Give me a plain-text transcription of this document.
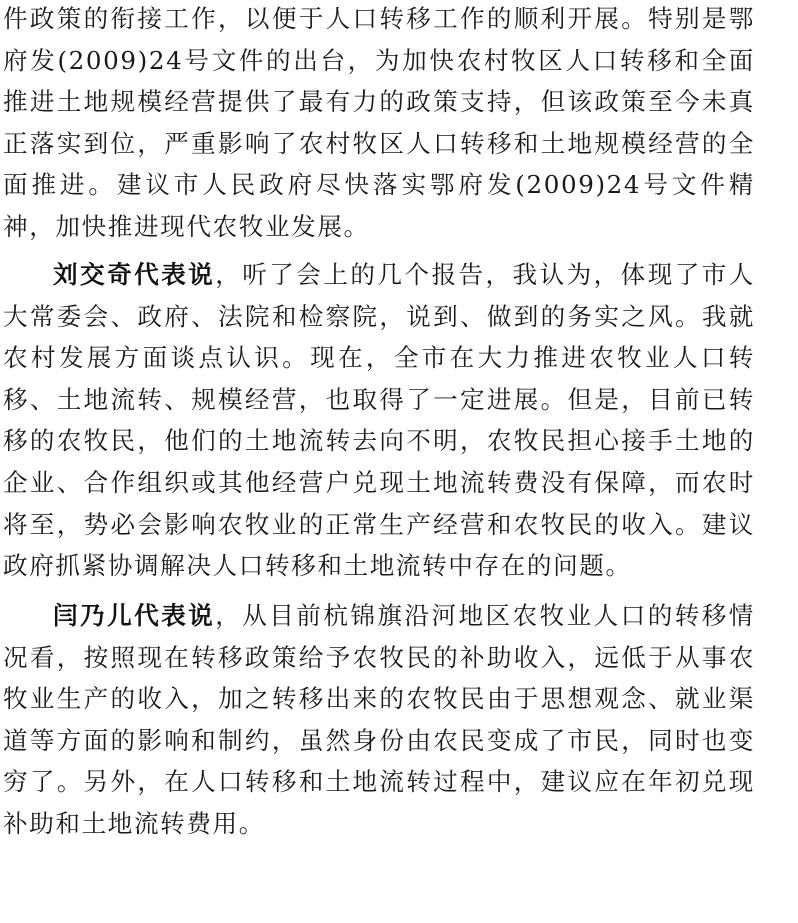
件政策的衔接工作，以便于人口转移工作的顺利开展。特别是鄂府发(2009)24号文件的出台，为加快农村牧区人口转移和全面推进土地规模经营提供了最有力的政策支持，但该政策至今未真正落实到位，严重影响了农村牧区人口转移和土地规模经营的全面推进。建议市人民政府尽快落实鄂府发(2009)24号文件精神，加快推进现代农牧业发展。

刘交奇代表说，听了会上的几个报告，我认为，体现了市人大常委会、政府、法院和检察院，说到、做到的务实之风。我就农村发展方面谈点认识。现在，全市在大力推进农牧业人口转移、土地流转、规模经营，也取得了一定进展。但是，目前已转移的农牧民，他们的土地流转去向不明，农牧民担心接手土地的企业、合作组织或其他经营户兑现土地流转费没有保障，而农时将至，势必会影响农牧业的正常生产经营和农牧民的收入。建议政府抓紧协调解决人口转移和土地流转中存在的问题。

闫乃儿代表说，从目前杭锦旗沿河地区农牧业人口的转移情况看，按照现在转移政策给予农牧民的补助收入，远低于从事农牧业生产的收入，加之转移出来的农牧民由于思想观念、就业渠道等方面的影响和制约，虽然身份由农民变成了市民，同时也变穷了。另外，在人口转移和土地流转过程中，建议应在年初兑现补助和土地流转费用。
